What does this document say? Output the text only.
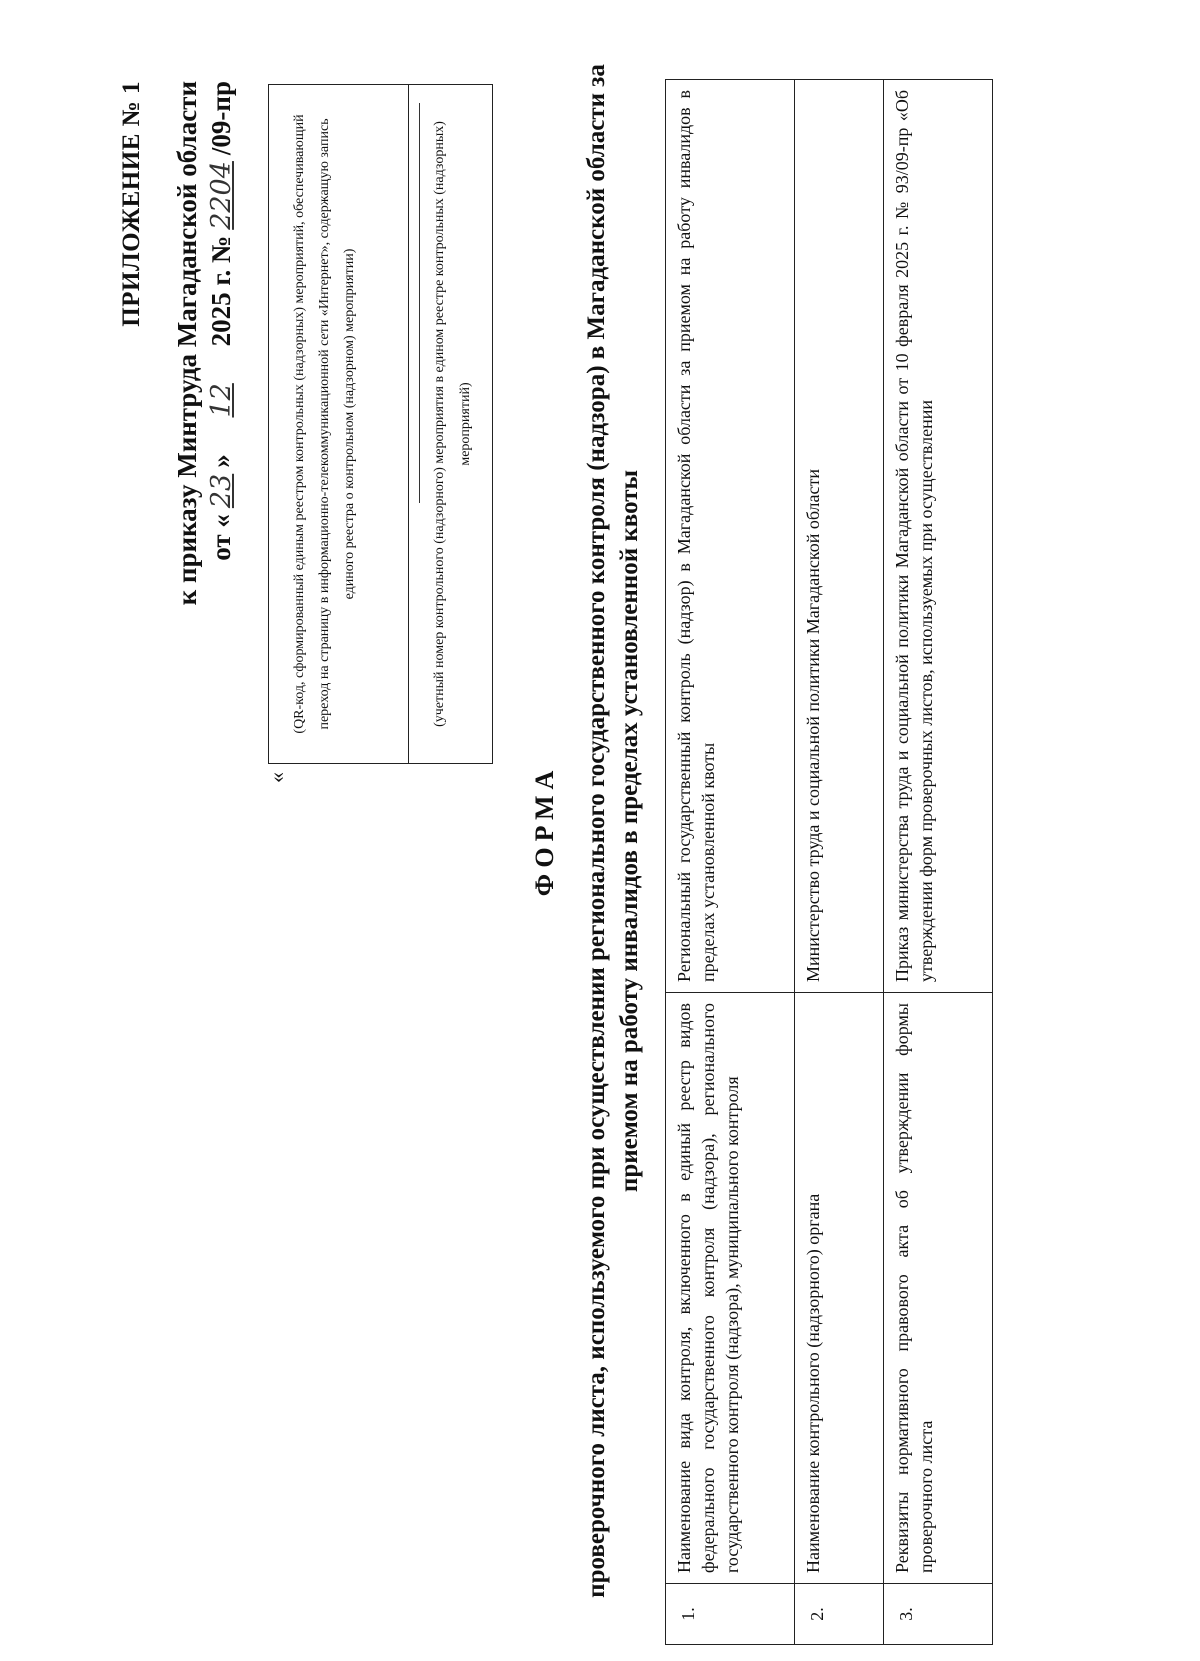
ПРИЛОЖЕНИЕ № 1 к приказу Минтруда Магаданской области от «23» 12 2025 г. №2204/09-пр
«
(QR-код, сформированный единым реестром контрольных (надзорных) мероприятий, обеспечивающий переход на страницу в информационно-телекоммуникационной сети «Интернет», содержащую запись единого реестра о контрольном (надзорном) мероприятии)	(учетный номер контрольного (надзорного) мероприятия в едином реестре контрольных (надзорных) мероприятий)
ФОРМА проверочного листа, используемого при осуществлении регионального государственного контроля (надзора) в Магаданской области за приемом на работу инвалидов в пределах установленной квоты
1.	Наименование вида контроля, включенного в единый реестр видов федерального государственного контроля (надзора), регионального государственного контроля (надзора), муниципального контроля	Региональный государственный контроль (надзор) в Магаданской области за приемом на работу инвалидов в пределах установленной квоты
2.	Наименование контрольного (надзорного) органа	Министерство труда и социальной политики Магаданской области
3.	Реквизиты нормативного правового акта об утверждении формы проверочного листа	Приказ министерства труда и социальной политики Магаданской области от 10 февраля 2025 г. № 93/09-пр «Об утверждении форм проверочных листов, используемых при осуществлении
